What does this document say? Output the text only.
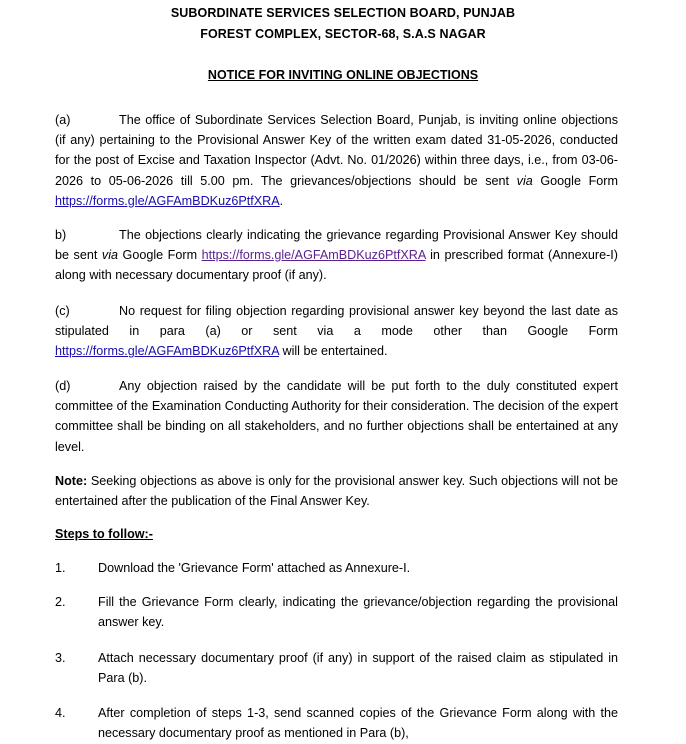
SUBORDINATE SERVICES SELECTION BOARD, PUNJAB
FOREST COMPLEX, SECTOR-68, S.A.S NAGAR
NOTICE FOR INVITING ONLINE OBJECTIONS

(a)	The office of Subordinate Services Selection Board, Punjab, is inviting online objections (if any) pertaining to the Provisional Answer Key of the written exam dated 31-05-2026, conducted for the post of Excise and Taxation Inspector (Advt. No. 01/2026) within three days, i.e., from 03-06-2026 to 05-06-2026 till 5.00 pm. The grievances/objections should be sent via Google Form https://forms.gle/AGFAmBDKuz6PtfXRA.

b)	The objections clearly indicating the grievance regarding Provisional Answer Key should be sent via Google Form https://forms.gle/AGFAmBDKuz6PtfXRA in prescribed format (Annexure-I) along with necessary documentary proof (if any).

(c)	No request for filing objection regarding provisional answer key beyond the last date as stipulated in para (a) or sent via a mode other than Google Form https://forms.gle/AGFAmBDKuz6PtfXRA will be entertained.

(d)	Any objection raised by the candidate will be put forth to the duly constituted expert committee of the Examination Conducting Authority for their consideration. The decision of the expert committee shall be binding on all stakeholders, and no further objections shall be entertained at any level.

Note: Seeking objections as above is only for the provisional answer key. Such objections will not be entertained after the publication of the Final Answer Key.

Steps to follow:-
1.	Download the 'Grievance Form' attached as Annexure-I.
2.	Fill the Grievance Form clearly, indicating the grievance/objection regarding the provisional answer key.
3.	Attach necessary documentary proof (if any) in support of the raised claim as stipulated in Para (b).
4.	After completion of steps 1-3, send scanned copies of the Grievance Form along with the necessary documentary proof as mentioned in Para (b),
